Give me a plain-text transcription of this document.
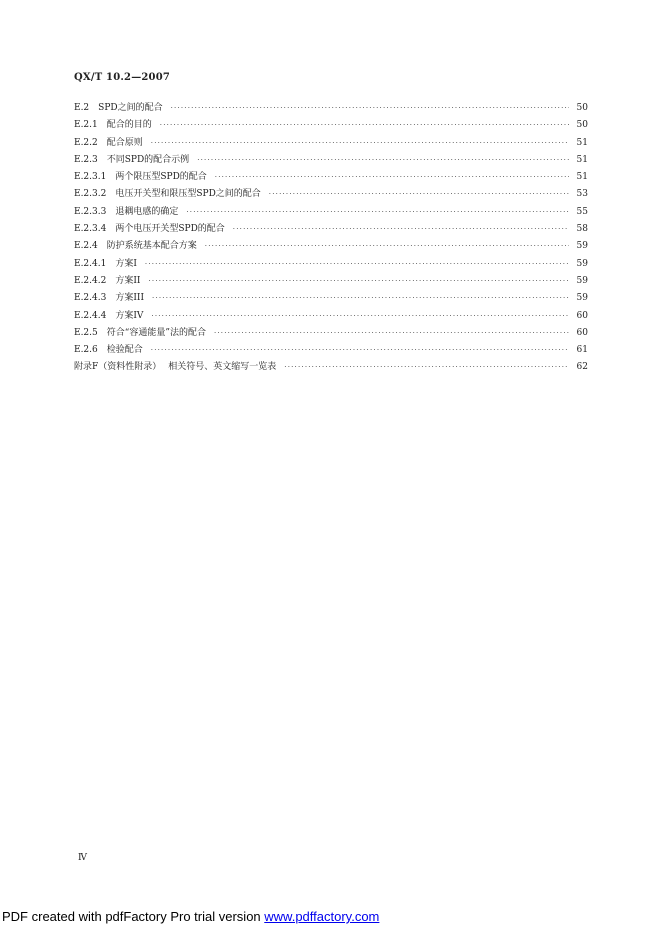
QX/T 10.2—2007
E.2	SPD之间的配合 ·····	50
E.2.1	配合的目的 ·····	50
E.2.2	配合原则 ·····	51
E.2.3	不同SPD的配合示例 ·····	51
E.2.3.1	两个限压型SPD的配合 ·····	51
E.2.3.2	电压开关型和限压型SPD之间的配合 ·····	53
E.2.3.3	退耦电感的确定 ·····	55
E.2.3.4	两个电压开关型SPD的配合 ·····	58
E.2.4	防护系统基本配合方案 ·····	59
E.2.4.1	方案I ·····	59
E.2.4.2	方案II ·····	59
E.2.4.3	方案III ·····	59
E.2.4.4	方案IV ·····	60
E.2.5	符合“容通能量”法的配合 ·····	60
E.2.6	检验配合 ·····	61
附录F（资料性附录） 相关符号、英文缩写一览表 ·····	62
Ⅳ
PDF created with pdfFactory Pro trial version www.pdffactory.com
